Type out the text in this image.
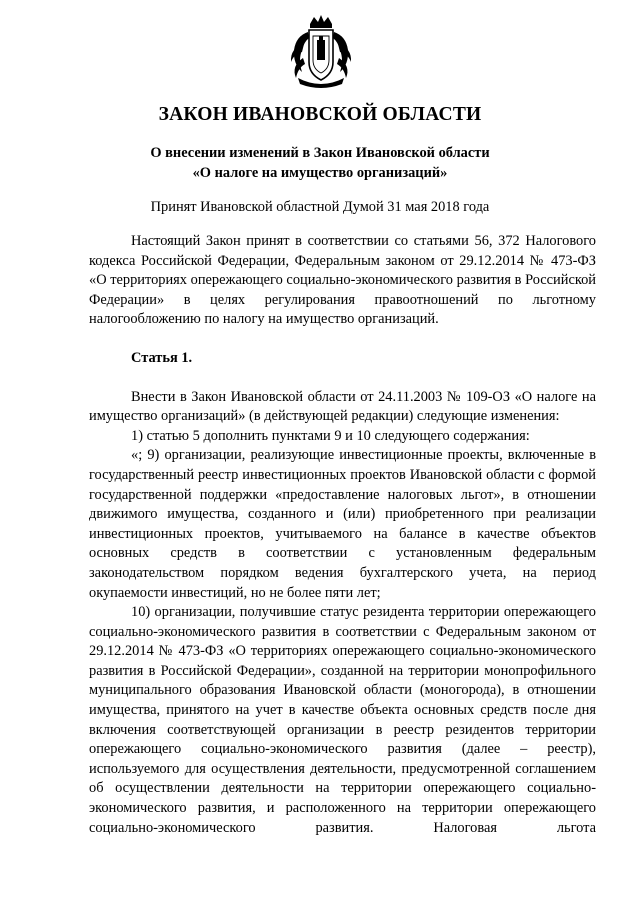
ЗАКОН ИВАНОВСКОЙ ОБЛАСТИ
О внесении изменений в Закон Ивановской области
«О налоге на имущество организаций»
Принят Ивановской областной Думой 31 мая 2018 года

Настоящий Закон принят в соответствии со статьями 56, 372 Налогового кодекса Российской Федерации, Федеральным законом от 29.12.2014 № 473-ФЗ «О территориях опережающего социально-экономического развития в Российской Федерации» в целях регулирования правоотношений по льготному налогообложению по налогу на имущество организаций.

Статья 1.

Внести в Закон Ивановской области от 24.11.2003 № 109-ОЗ «О налоге на имущество организаций» (в действующей редакции) следующие изменения:

1) статью 5 дополнить пунктами 9 и 10 следующего содержания:

«; 9) организации, реализующие инвестиционные проекты, включенные в государственный реестр инвестиционных проектов Ивановской области с формой государственной поддержки «предоставление налоговых льгот», в отношении движимого имущества, созданного и (или) приобретенного при реализации инвестиционных проектов, учитываемого на балансе в качестве объектов основных средств в соответствии с установленным федеральным законодательством порядком ведения бухгалтерского учета, на период окупаемости инвестиций, но не более пяти лет;

10) организации, получившие статус резидента территории опережающего социально-экономического развития в соответствии с Федеральным законом от 29.12.2014 № 473-ФЗ «О территориях опережающего социально-экономического развития в Российской Федерации», созданной на территории монопрофильного муниципального образования Ивановской области (моногорода), в отношении имущества, принятого на учет в качестве объекта основных средств после дня включения соответствующей организации в реестр резидентов территории опережающего социально-экономического развития (далее – реестр), используемого для осуществления деятельности, предусмотренной соглашением об осуществлении деятельности на территории опережающего социально-экономического развития, и расположенного на территории опережающего социально-экономического развития. Налоговая льгота
